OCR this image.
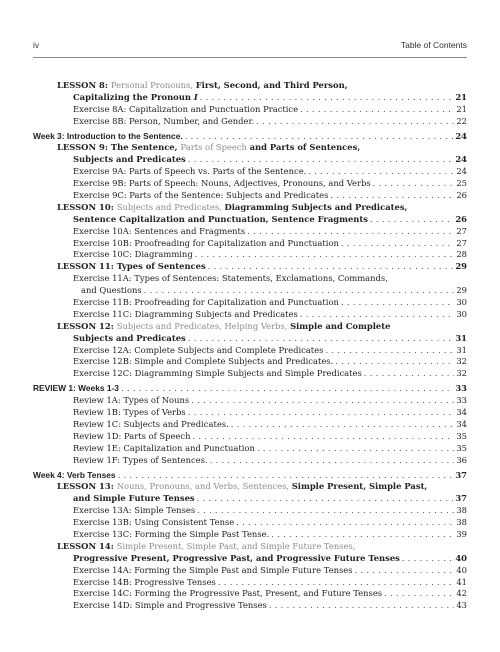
iv	Table of Contents
LESSON 8: Personal Pronouns, First, Second, and Third Person,
Capitalizing the Pronoun I . . .	21
Exercise 8A: Capitalization and Punctuation Practice . . .	21
Exercise 8B: Person, Number, and Gender. . . .	22
Week 3: Introduction to the Sentence. . . .	24
LESSON 9: The Sentence, Parts of Speech and Parts of Sentences,
Subjects and Predicates . . .	24
Exercise 9A: Parts of Speech vs. Parts of the Sentence. . . .	24
Exercise 9B: Parts of Speech: Nouns, Adjectives, Pronouns, and Verbs . . .	25
Exercise 9C: Parts of the Sentence: Subjects and Predicates . . .	26
LESSON 10: Subjects and Predicates, Diagramming Subjects and Predicates,
Sentence Capitalization and Punctuation, Sentence Fragments . . .	26
Exercise 10A: Sentences and Fragments . . .	27
Exercise 10B: Proofreading for Capitalization and Punctuation . . .	27
Exercise 10C: Diagramming . . .	28
LESSON 11: Types of Sentences . . .	29
Exercise 11A: Types of Sentences: Statements, Exclamations, Commands,
and Questions . . .	29
Exercise 11B: Proofreading for Capitalization and Punctuation . . .	30
Exercise 11C: Diagramming Subjects and Predicates . . .	30
LESSON 12: Subjects and Predicates, Helping Verbs, Simple and Complete
Subjects and Predicates . . .	31
Exercise 12A: Complete Subjects and Complete Predicates . . .	31
Exercise 12B: Simple and Complete Subjects and Predicates. . . .	32
Exercise 12C: Diagramming Simple Subjects and Simple Predicates . . .	32
REVIEW 1: Weeks 1-3 . . .	33
Review 1A: Types of Nouns . . .	33
Review 1B: Types of Verbs . . .	34
Review 1C: Subjects and Predicates. . . .	34
Review 1D: Parts of Speech . . .	35
Review 1E: Capitalization and Punctuation . . .	35
Review 1F: Types of Sentences. . . .	36
Week 4: Verb Tenses . . .	37
LESSON 13: Nouns, Pronouns, and Verbs, Sentences, Simple Present, Simple Past,
and Simple Future Tenses . . .	37
Exercise 13A: Simple Tenses . . .	38
Exercise 13B: Using Consistent Tense . . .	38
Exercise 13C: Forming the Simple Past Tense. . . .	39
LESSON 14: Simple Present, Simple Past, and Simple Future Tenses,
Progressive Present, Progressive Past, and Progressive Future Tenses . . .	40
Exercise 14A: Forming the Simple Past and Simple Future Tenses . . .	40
Exercise 14B: Progressive Tenses . . .	41
Exercise 14C: Forming the Progressive Past, Present, and Future Tenses . . .	42
Exercise 14D: Simple and Progressive Tenses . . .	43
